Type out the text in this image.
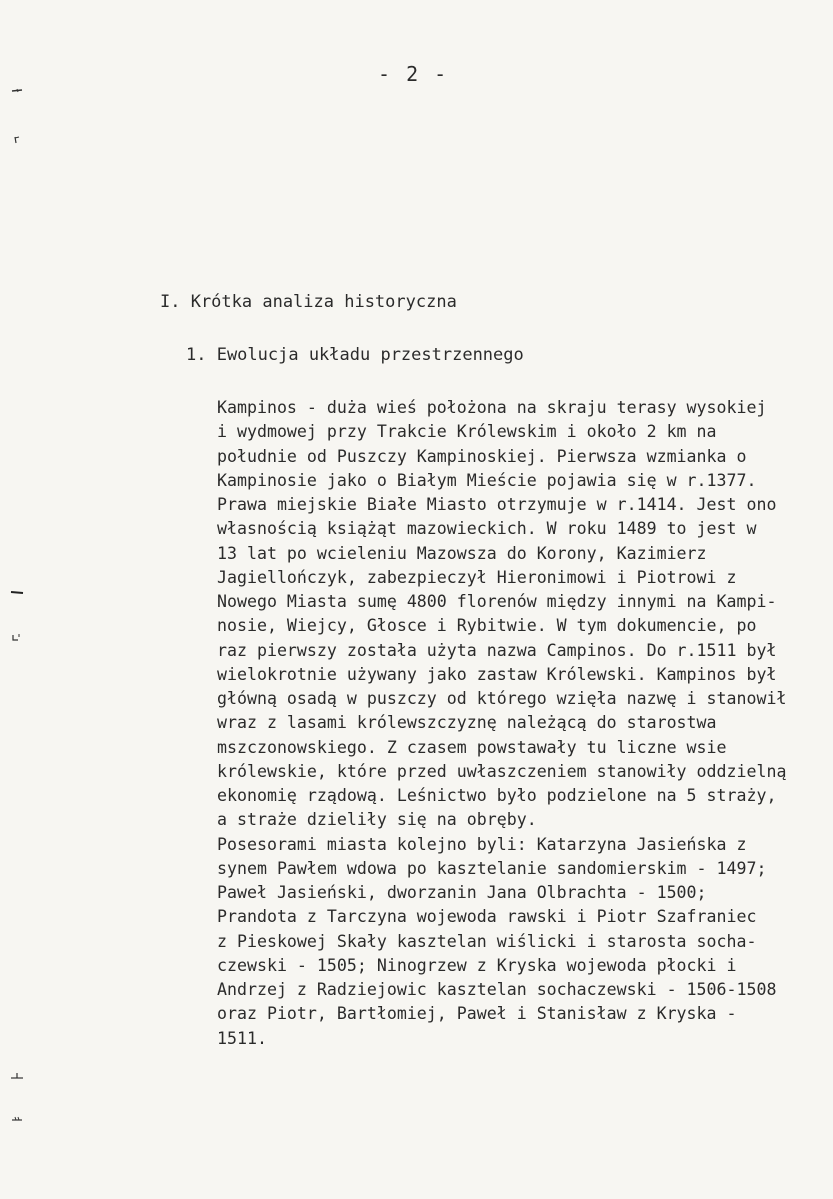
- 2 -
I. Krótka analiza historyczna
1. Ewolucja układu przestrzennego
Kampinos - duża wieś położona na skraju terasy wysokiej
i wydmowej przy Trakcie Królewskim i około 2 km na
południe od Puszczy Kampinoskiej. Pierwsza wzmianka o
Kampinosie jako o Białym Mieście pojawia się w r.1377.
Prawa miejskie Białe Miasto otrzymuje w r.1414. Jest ono
własnością książąt mazowieckich. W roku 1489 to jest w
13 lat po wcieleniu Mazowsza do Korony, Kazimierz
Jagiellończyk, zabezpieczył Hieronimowi i Piotrowi z
Nowego Miasta sumę 4800 florenów między innymi na Kampi-
nosie, Wiejcy, Głosce i Rybitwie. W tym dokumencie, po
raz pierwszy została użyta nazwa Campinos. Do r.1511 był
wielokrotnie używany jako zastaw Królewski. Kampinos był
główną osadą w puszczy od którego wzięła nazwę i stanowił
wraz z lasami królewszczyznę należącą do starostwa
mszczonowskiego. Z czasem powstawały tu liczne wsie
królewskie, które przed uwłaszczeniem stanowiły oddzielną
ekonomię rządową. Leśnictwo było podzielone na 5 straży,
a straże dzieliły się na obręby.
Posesorami miasta kolejno byli: Katarzyna Jasieńska z
synem Pawłem wdowa po kasztelanie sandomierskim - 1497;
Paweł Jasieński, dworzanin Jana Olbrachta - 1500;
Prandota z Tarczyna wojewoda rawski i Piotr Szafraniec
z Pieskowej Skały kasztelan wiślicki i starosta socha-
czewski - 1505; Ninogrzew z Kryska wojewoda płocki i
Andrzej z Radziejowic kasztelan sochaczewski - 1506-1508
oraz Piotr, Bartłomiej, Paweł i Stanisław z Kryska -
1511.
